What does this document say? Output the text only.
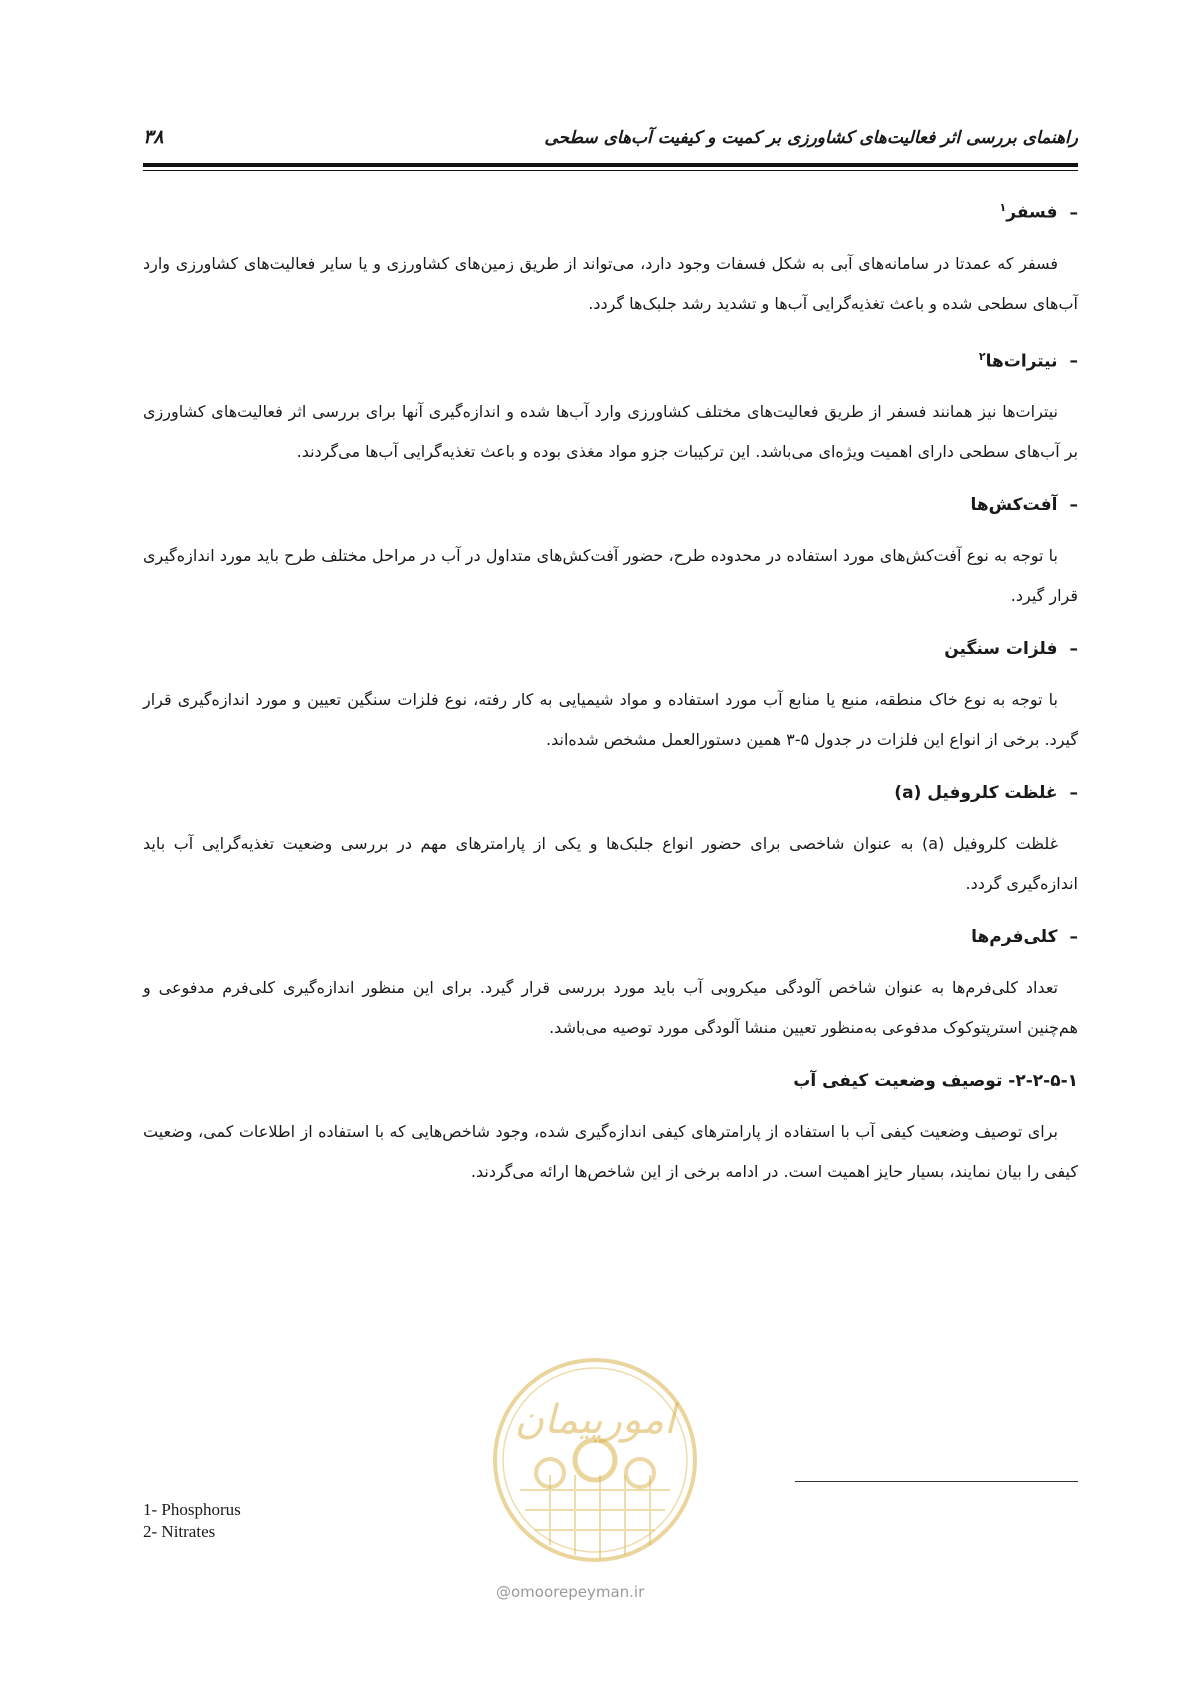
راهنمای بررسی اثر فعالیت‌های کشاورزی بر کمیت و کیفیت آب‌های سطحی
۳۸
–فسفر$^۱$
فسفر که عمدتا در سامانه‌های آبی به شکل فسفات وجود دارد، می‌تواند از طریق زمین‌های کشاورزی و یا سایر فعالیت‌های کشاورزی وارد آب‌های سطحی شده و باعث تغذیه‌گرایی آب‌ها و تشدید رشد جلبک‌ها گردد.
–نیترات‌ها$^۲$
نیترات‌ها نیز همانند فسفر از طریق فعالیت‌های مختلف کشاورزی وارد آب‌ها شده و اندازه‌گیری آنها برای بررسی اثر فعالیت‌های کشاورزی بر آب‌های سطحی دارای اهمیت ویژه‌ای می‌باشد. این ترکیبات جزو مواد مغذی بوده و باعث تغذیه‌گرایی آب‌ها می‌گردند.
–آفت‌کش‌ها
با توجه به نوع آفت‌کش‌های مورد استفاده در محدوده طرح، حضور آفت‌کش‌های متداول در آب در مراحل مختلف طرح باید مورد اندازه‌گیری قرار گیرد.
–فلزات سنگین
با توجه به نوع خاک منطقه، منبع یا منابع آب مورد استفاده و مواد شیمیایی به کار رفته، نوع فلزات سنگین تعیین و مورد اندازه‌گیری قرار گیرد. برخی از انواع این فلزات در جدول ۵-۳ همین دستورالعمل مشخص شده‌اند.
–غلظت کلروفیل (a)
غلظت کلروفیل (a) به عنوان شاخصی برای حضور انواع جلبک‌ها و یکی از پارامترهای مهم در بررسی وضعیت تغذیه‌گرایی آب باید اندازه‌گیری گردد.
–کلی‌فرم‌ها
تعداد کلی‌فرم‌ها به عنوان شاخص آلودگی میکروبی آب باید مورد بررسی قرار گیرد. برای این منظور اندازه‌گیری کلی‌فرم مدفوعی و هم‌چنین استرپتوکوک مدفوعی به‌منظور تعیین منشا آلودگی مورد توصیه می‌باشد.
۲-۲-۵-۱- توصیف وضعیت کیفی آب
برای توصیف وضعیت کیفی آب با استفاده از پارامترهای کیفی اندازه‌گیری شده، وجود شاخص‌هایی که با استفاده از اطلاعات کمی، وضعیت کیفی را بیان نمایند، بسیار حایز اهمیت است. در ادامه برخی از این شاخص‌ها ارائه می‌گردند.
امورپیمان
@omoorepeyman.ir
1- Phosphorus
2- Nitrates
